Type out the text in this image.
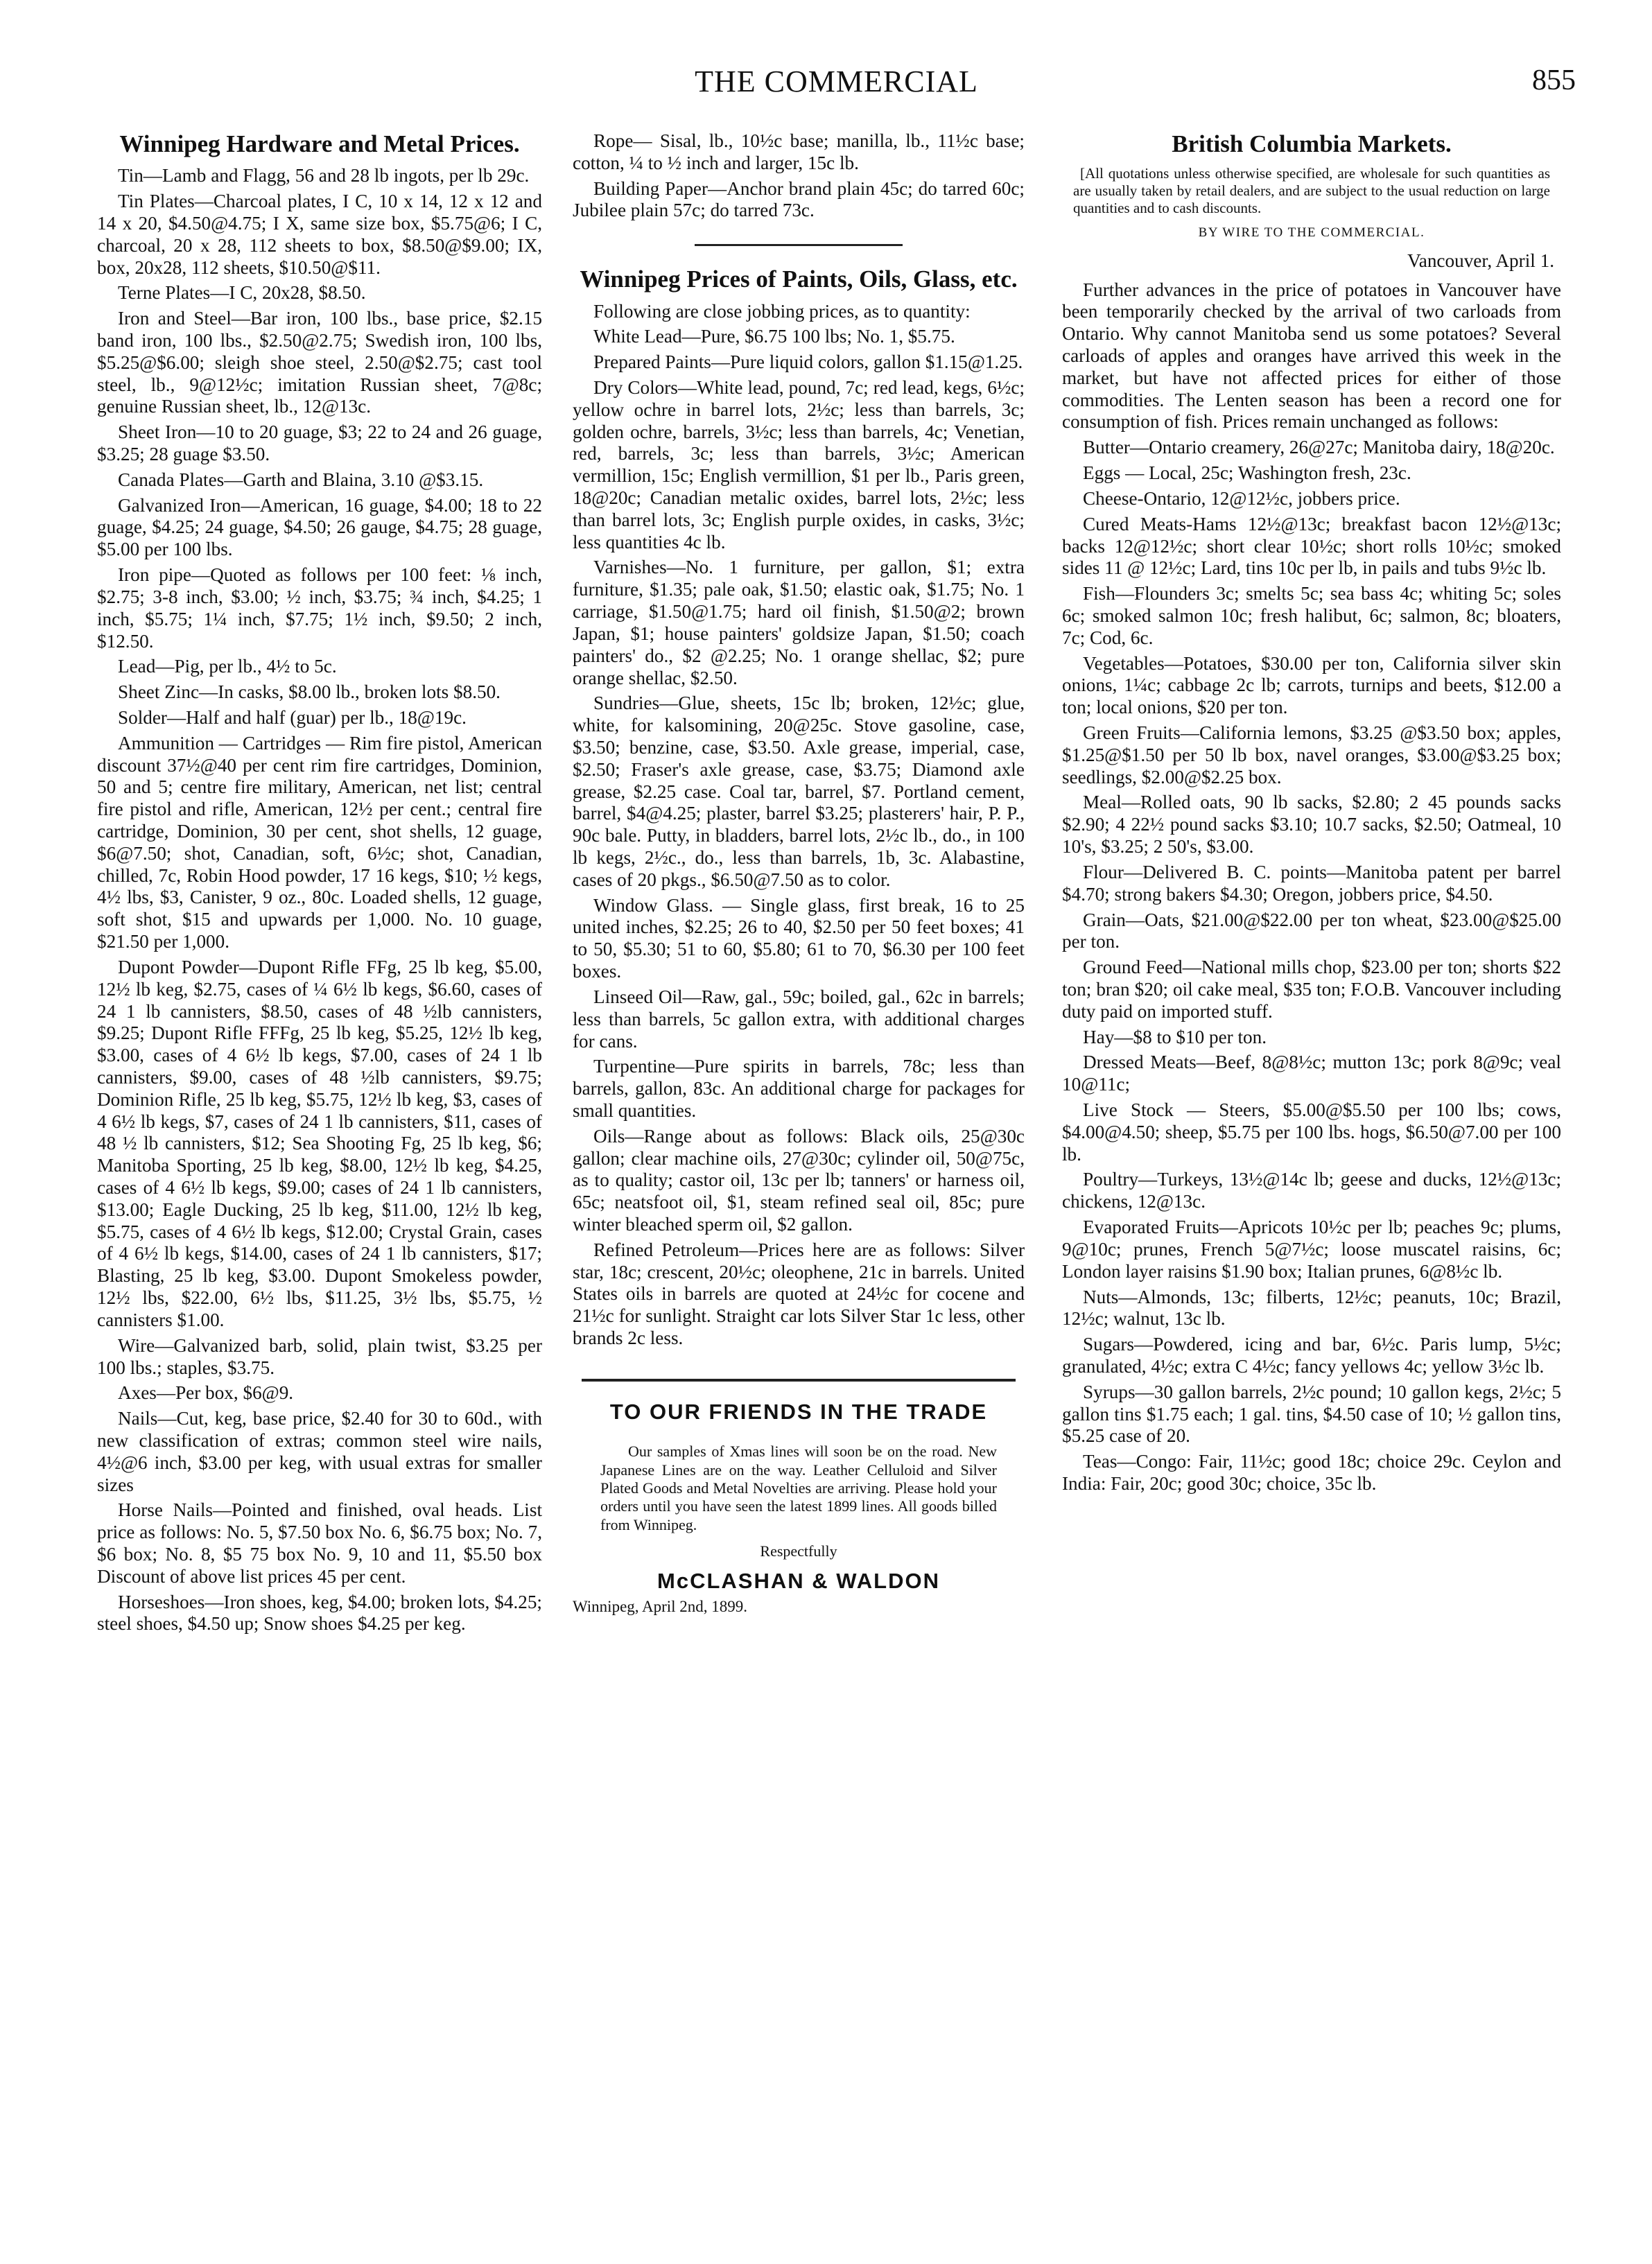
THE COMMERCIAL	855
Winnipeg Hardware and Metal Prices.

Tin—Lamb and Flagg, 56 and 28 lb ingots, per lb 29c.

Tin Plates—Charcoal plates, I C, 10 x 14, 12 x 12 and 14 x 20, $4.50@4.75; I X, same size box, $5.75@6; I C, charcoal, 20 x 28, 112 sheets to box, $8.50@$9.00; IX, box, 20x28, 112 sheets, $10.50@$11.

Terne Plates—I C, 20x28, $8.50.

Iron and Steel—Bar iron, 100 lbs., base price, $2.15 band iron, 100 lbs., $2.50@2.75; Swedish iron, 100 lbs, $5.25@$6.00; sleigh shoe steel, 2.50@$2.75; cast tool steel, lb., 9@12½c; imitation Russian sheet, 7@8c; genuine Russian sheet, lb., 12@13c.

Sheet Iron—10 to 20 guage, $3; 22 to 24 and 26 guage, $3.25; 28 guage $3.50.

Canada Plates—Garth and Blaina, 3.10 @$3.15.

Galvanized Iron—American, 16 guage, $4.00; 18 to 22 guage, $4.25; 24 guage, $4.50; 26 gauge, $4.75; 28 guage, $5.00 per 100 lbs.

Iron pipe—Quoted as follows per 100 feet: ⅛ inch, $2.75; 3-8 inch, $3.00; ½ inch, $3.75; ¾ inch, $4.25; 1 inch, $5.75; 1¼ inch, $7.75; 1½ inch, $9.50; 2 inch, $12.50.

Lead—Pig, per lb., 4½ to 5c.

Sheet Zinc—In casks, $8.00 lb., broken lots $8.50.

Solder—Half and half (guar) per lb., 18@19c.

Ammunition — Cartridges — Rim fire pistol, American discount 37½@40 per cent rim fire cartridges, Dominion, 50 and 5; centre fire military, American, net list; central fire pistol and rifle, American, 12½ per cent.; central fire cartridge, Dominion, 30 per cent, shot shells, 12 guage, $6@7.50; shot, Canadian, soft, 6½c; shot, Canadian, chilled, 7c, Robin Hood powder, 17 16 kegs, $10; ½ kegs, 4½ lbs, $3, Canister, 9 oz., 80c. Loaded shells, 12 guage, soft shot, $15 and upwards per 1,000. No. 10 guage, $21.50 per 1,000.

Dupont Powder—Dupont Rifle FFg, 25 lb keg, $5.00, 12½ lb keg, $2.75, cases of ¼ 6½ lb kegs, $6.60, cases of 24 1 lb cannisters, $8.50, cases of 48 ½lb cannisters, $9.25; Dupont Rifle FFFg, 25 lb keg, $5.25, 12½ lb keg, $3.00, cases of 4 6½ lb kegs, $7.00, cases of 24 1 lb cannisters, $9.00, cases of 48 ½lb cannisters, $9.75; Dominion Rifle, 25 lb keg, $5.75, 12½ lb keg, $3, cases of 4 6½ lb kegs, $7, cases of 24 1 lb cannisters, $11, cases of 48 ½ lb cannisters, $12; Sea Shooting Fg, 25 lb keg, $6; Manitoba Sporting, 25 lb keg, $8.00, 12½ lb keg, $4.25, cases of 4 6½ lb kegs, $9.00; cases of 24 1 lb cannisters, $13.00; Eagle Ducking, 25 lb keg, $11.00, 12½ lb keg, $5.75, cases of 4 6½ lb kegs, $12.00; Crystal Grain, cases of 4 6½ lb kegs, $14.00, cases of 24 1 lb cannisters, $17; Blasting, 25 lb keg, $3.00. Dupont Smokeless powder, 12½ lbs, $22.00, 6½ lbs, $11.25, 3½ lbs, $5.75, ½ cannisters $1.00.

Wire—Galvanized barb, solid, plain twist, $3.25 per 100 lbs.; staples, $3.75.

Axes—Per box, $6@9.

Nails—Cut, keg, base price, $2.40 for 30 to 60d., with new classification of extras; common steel wire nails, 4½@6 inch, $3.00 per keg, with usual extras for smaller sizes

Horse Nails—Pointed and finished, oval heads. List price as follows: No. 5, $7.50 box No. 6, $6.75 box; No. 7, $6 box; No. 8, $5 75 box No. 9, 10 and 11, $5.50 box Discount of above list prices 45 per cent.

Horseshoes—Iron shoes, keg, $4.00; broken lots, $4.25; steel shoes, $4.50 up; Snow shoes $4.25 per keg.

Rope— Sisal, lb., 10½c base; manilla, lb., 11½c base; cotton, ¼ to ½ inch and larger, 15c lb.

Building Paper—Anchor brand plain 45c; do tarred 60c; Jubilee plain 57c; do tarred 73c.

Winnipeg Prices of Paints, Oils, Glass, etc.

Following are close jobbing prices, as to quantity:

White Lead—Pure, $6.75 100 lbs; No. 1, $5.75.

Prepared Paints—Pure liquid colors, gallon $1.15@1.25.

Dry Colors—White lead, pound, 7c; red lead, kegs, 6½c; yellow ochre in barrel lots, 2½c; less than barrels, 3c; golden ochre, barrels, 3½c; less than barrels, 4c; Venetian, red, barrels, 3c; less than barrels, 3½c; American vermillion, 15c; English vermillion, $1 per lb., Paris green, 18@20c; Canadian metalic oxides, barrel lots, 2½c; less than barrel lots, 3c; English purple oxides, in casks, 3½c; less quantities 4c lb.

Varnishes—No. 1 furniture, per gallon, $1; extra furniture, $1.35; pale oak, $1.50; elastic oak, $1.75; No. 1 carriage, $1.50@1.75; hard oil finish, $1.50@2; brown Japan, $1; house painters' goldsize Japan, $1.50; coach painters' do., $2 @2.25; No. 1 orange shellac, $2; pure orange shellac, $2.50.

Sundries—Glue, sheets, 15c lb; broken, 12½c; glue, white, for kalsomining, 20@25c. Stove gasoline, case, $3.50; benzine, case, $3.50. Axle grease, imperial, case, $2.50; Fraser's axle grease, case, $3.75; Diamond axle grease, $2.25 case. Coal tar, barrel, $7. Portland cement, barrel, $4@4.25; plaster, barrel $3.25; plasterers' hair, P. P., 90c bale. Putty, in bladders, barrel lots, 2½c lb., do., in 100 lb kegs, 2½c., do., less than barrels, 1b, 3c. Alabastine, cases of 20 pkgs., $6.50@7.50 as to color.

Window Glass. — Single glass, first break, 16 to 25 united inches, $2.25; 26 to 40, $2.50 per 50 feet boxes; 41 to 50, $5.30; 51 to 60, $5.80; 61 to 70, $6.30 per 100 feet boxes.

Linseed Oil—Raw, gal., 59c; boiled, gal., 62c in barrels; less than barrels, 5c gallon extra, with additional charges for cans.

Turpentine—Pure spirits in barrels, 78c; less than barrels, gallon, 83c. An additional charge for packages for small quantities.

Oils—Range about as follows: Black oils, 25@30c gallon; clear machine oils, 27@30c; cylinder oil, 50@75c, as to quality; castor oil, 13c per lb; tanners' or harness oil, 65c; neatsfoot oil, $1, steam refined seal oil, 85c; pure winter bleached sperm oil, $2 gallon.

Refined Petroleum—Prices here are as follows: Silver star, 18c; crescent, 20½c; oleophene, 21c in barrels. United States oils in barrels are quoted at 24½c for cocene and 21½c for sunlight. Straight car lots Silver Star 1c less, other brands 2c less.

TO OUR FRIENDS IN THE TRADE

Our samples of Xmas lines will soon be on the road. New Japanese Lines are on the way. Leather Celluloid and Silver Plated Goods and Metal Novelties are arriving. Please hold your orders until you have seen the latest 1899 lines. All goods billed from Winnipeg.

Respectfully
McCLASHAN & WALDON
Winnipeg, April 2nd, 1899.
British Columbia Markets.

[All quotations unless otherwise specified, are wholesale for such quantities as are usually taken by retail dealers, and are subject to the usual reduction on large quantities and to cash discounts.

BY WIRE TO THE COMMERCIAL.
Vancouver, April 1.

Further advances in the price of potatoes in Vancouver have been temporarily checked by the arrival of two carloads from Ontario. Why cannot Manitoba send us some potatoes? Several carloads of apples and oranges have arrived this week in the market, but have not affected prices for either of those commodities. The Lenten season has been a record one for consumption of fish. Prices remain unchanged as follows:

Butter—Ontario creamery, 26@27c; Manitoba dairy, 18@20c.

Eggs — Local, 25c; Washington fresh, 23c.

Cheese-Ontario, 12@12½c, jobbers price.

Cured Meats-Hams 12½@13c; breakfast bacon 12½@13c; backs 12@12½c; short clear 10½c; short rolls 10½c; smoked sides 11 @ 12½c; Lard, tins 10c per lb, in pails and tubs 9½c lb.

Fish—Flounders 3c; smelts 5c; sea bass 4c; whiting 5c; soles 6c; smoked salmon 10c; fresh halibut, 6c; salmon, 8c; bloaters, 7c; Cod, 6c.

Vegetables—Potatoes, $30.00 per ton, California silver skin onions, 1¼c; cabbage 2c lb; carrots, turnips and beets, $12.00 a ton; local onions, $20 per ton.

Green Fruits—California lemons, $3.25 @$3.50 box; apples, $1.25@$1.50 per 50 lb box, navel oranges, $3.00@$3.25 box; seedlings, $2.00@$2.25 box.

Meal—Rolled oats, 90 lb sacks, $2.80; 2 45 pounds sacks $2.90; 4 22½ pound sacks $3.10; 10.7 sacks, $2.50; Oatmeal, 10 10's, $3.25; 2 50's, $3.00.

Flour—Delivered B. C. points—Manitoba patent per barrel $4.70; strong bakers $4.30; Oregon, jobbers price, $4.50.

Grain—Oats, $21.00@$22.00 per ton wheat, $23.00@$25.00 per ton.

Ground Feed—National mills chop, $23.00 per ton; shorts $22 ton; bran $20; oil cake meal, $35 ton; F.O.B. Vancouver including duty paid on imported stuff.

Hay—$8 to $10 per ton.

Dressed Meats—Beef, 8@8½c; mutton 13c; pork 8@9c; veal 10@11c;

Live Stock — Steers, $5.00@$5.50 per 100 lbs; cows, $4.00@4.50; sheep, $5.75 per 100 lbs. hogs, $6.50@7.00 per 100 lb.

Poultry—Turkeys, 13½@14c lb; geese and ducks, 12½@13c; chickens, 12@13c.

Evaporated Fruits—Apricots 10½c per lb; peaches 9c; plums, 9@10c; prunes, French 5@7½c; loose muscatel raisins, 6c; London layer raisins $1.90 box; Italian prunes, 6@8½c lb.

Nuts—Almonds, 13c; filberts, 12½c; peanuts, 10c; Brazil, 12½c; walnut, 13c lb.

Sugars—Powdered, icing and bar, 6½c. Paris lump, 5½c; granulated, 4½c; extra C 4½c; fancy yellows 4c; yellow 3½c lb.

Syrups—30 gallon barrels, 2½c pound; 10 gallon kegs, 2½c; 5 gallon tins $1.75 each; 1 gal. tins, $4.50 case of 10; ½ gallon tins, $5.25 case of 20.

Teas—Congo: Fair, 11½c; good 18c; choice 29c. Ceylon and India: Fair, 20c; good 30c; choice, 35c lb.
